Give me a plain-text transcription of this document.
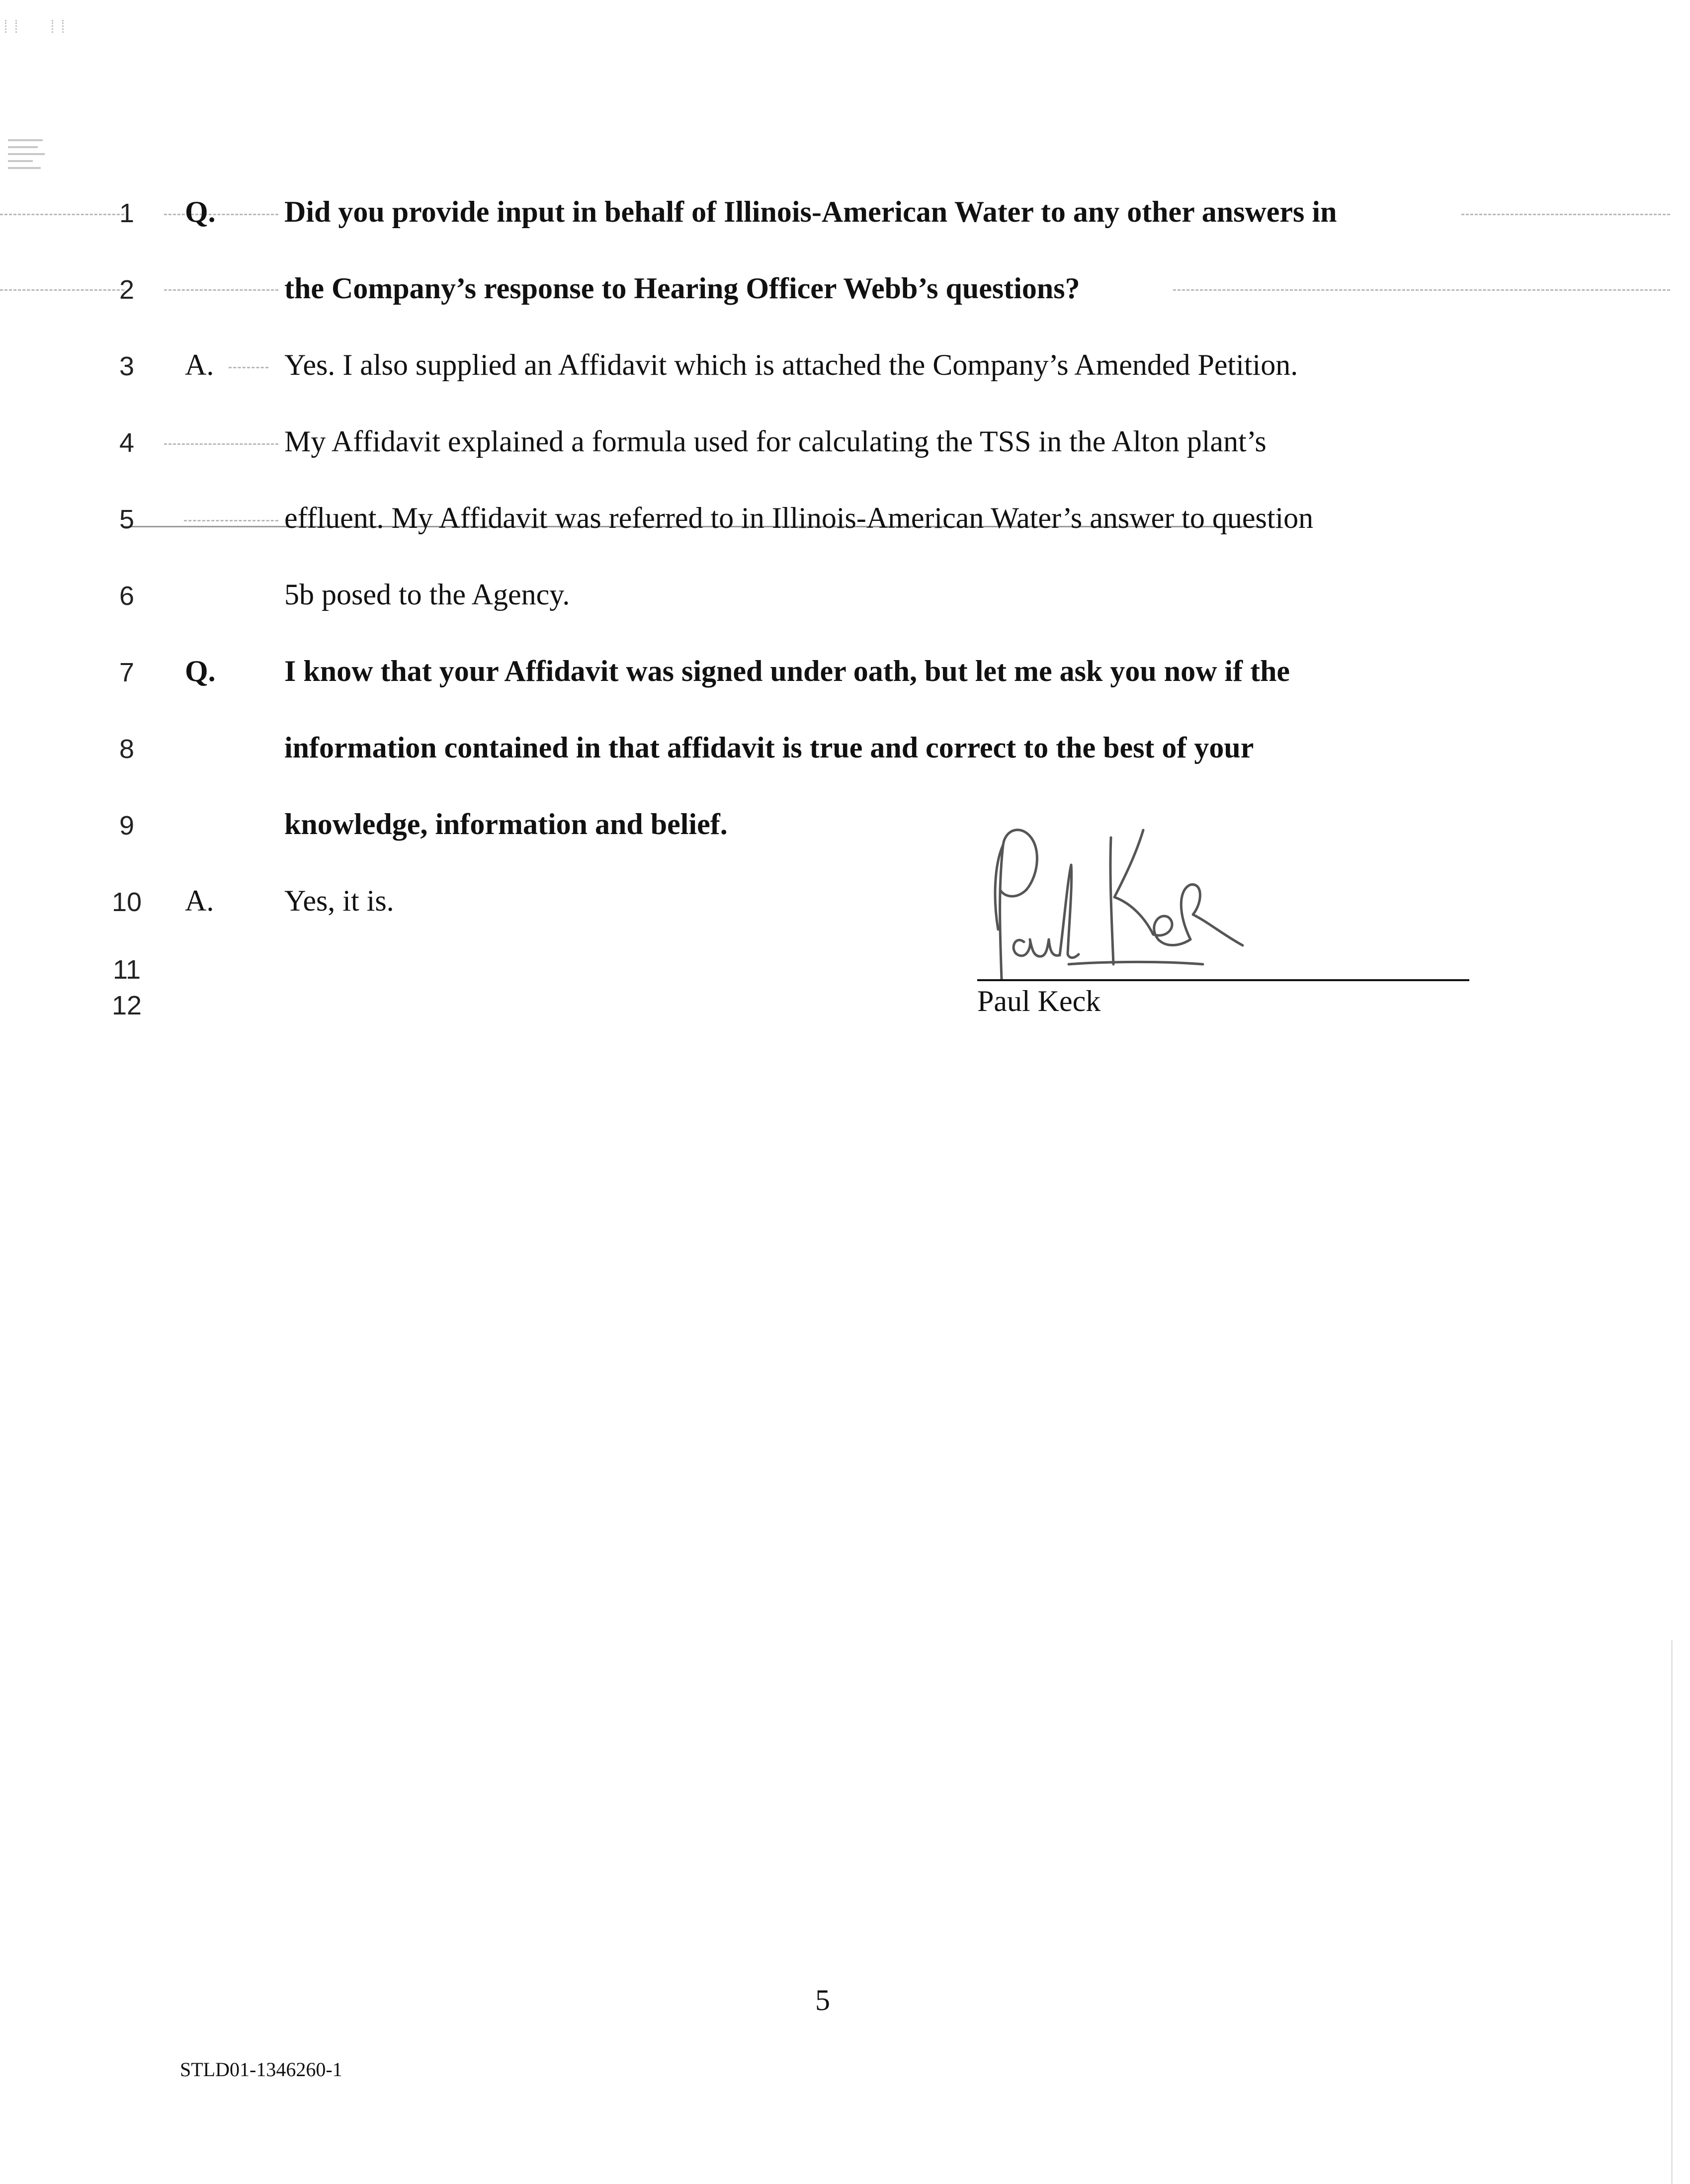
1	Q. Did you provide input in behalf of Illinois-American Water to any other answers in
2	the Company’s response to Hearing Officer Webb’s questions?
3	A. Yes. I also supplied an Affidavit which is attached the Company’s Amended Petition.
4	My Affidavit explained a formula used for calculating the TSS in the Alton plant’s
5	effluent. My Affidavit was referred to in Illinois-American Water’s answer to question
6	5b posed to the Agency.
7	Q. I know that your Affidavit was signed under oath, but let me ask you now if the
8	information contained in that affidavit is true and correct to the best of your
9	knowledge, information and belief.
10	A. Yes, it is.
11
12	Paul Keck
5
STLD01-1346260-1
